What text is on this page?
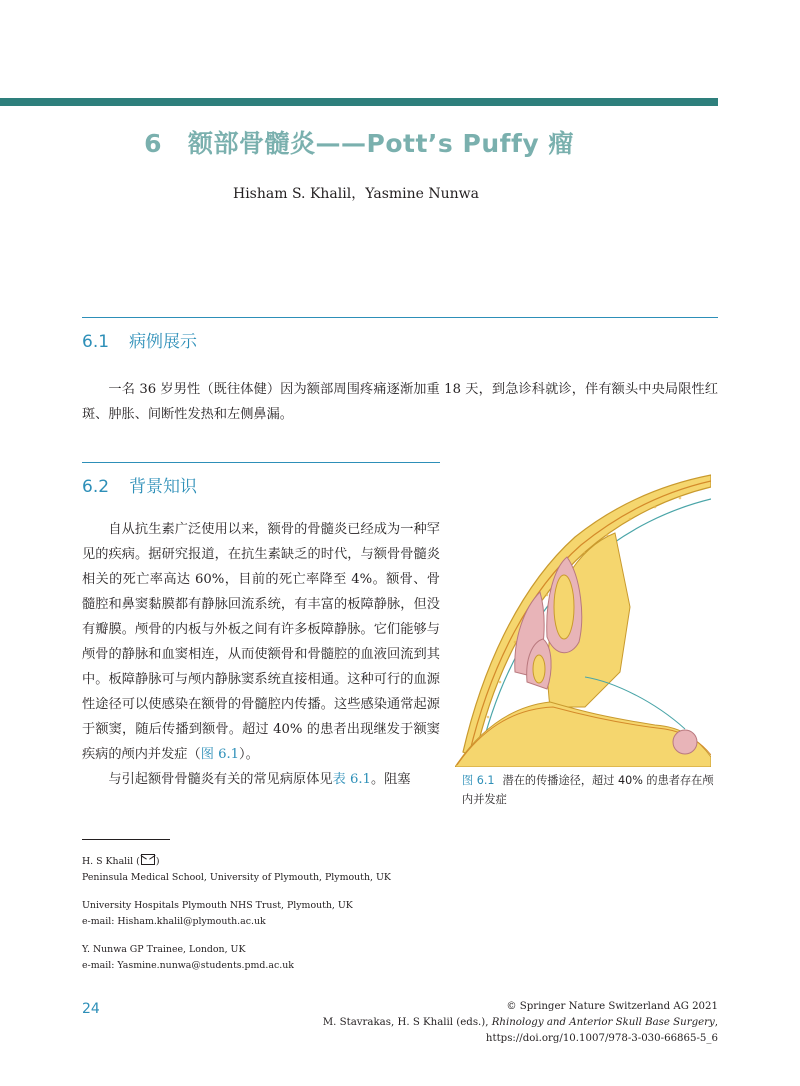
6 额部骨髓炎——Pott’s Puffy 瘤
Hisham S. Khalil，Yasmine Nunwa
6.1 病例展示
一名 36 岁男性（既往体健）因为额部周围疼痛逐渐加重 18 天，到急诊科就诊，伴有额头中央局限性红斑、肿胀、间断性发热和左侧鼻漏。
6.2 背景知识

自从抗生素广泛使用以来，额骨的骨髓炎已经成为一种罕见的疾病。据研究报道，在抗生素缺乏的时代，与额骨骨髓炎相关的死亡率高达 60%，目前的死亡率降至 4%。额骨、骨髓腔和鼻窦黏膜都有静脉回流系统，有丰富的板障静脉，但没有瓣膜。颅骨的内板与外板之间有许多板障静脉。它们能够与颅骨的静脉和血窦相连，从而使额骨和骨髓腔的血液回流到其中。板障静脉可与颅内静脉窦系统直接相通。这种可行的血源性途径可以使感染在额骨的骨髓腔内传播。这些感染通常起源于额窦，随后传播到额骨。超过 40% 的患者出现继发于额窦疾病的颅内并发症（图 6.1）。

与引起额骨骨髓炎有关的常见病原体见表 6.1。阻塞	图 6.1 潜在的传播途径，超过 40% 的患者存在颅内并发症
H. S Khalil ( )
Peninsula Medical School, University of Plymouth, Plymouth, UK
University Hospitals Plymouth NHS Trust, Plymouth, UK
e-mail: Hisham.khalil@plymouth.ac.uk
Y. Nunwa GP Trainee, London, UK
e-mail: Yasmine.nunwa@students.pmd.ac.uk
24	© Springer Nature Switzerland AG 2021
M. Stavrakas, H. S Khalil (eds.), Rhinology and Anterior Skull Base Surgery,
https://doi.org/10.1007/978-3-030-66865-5_6
